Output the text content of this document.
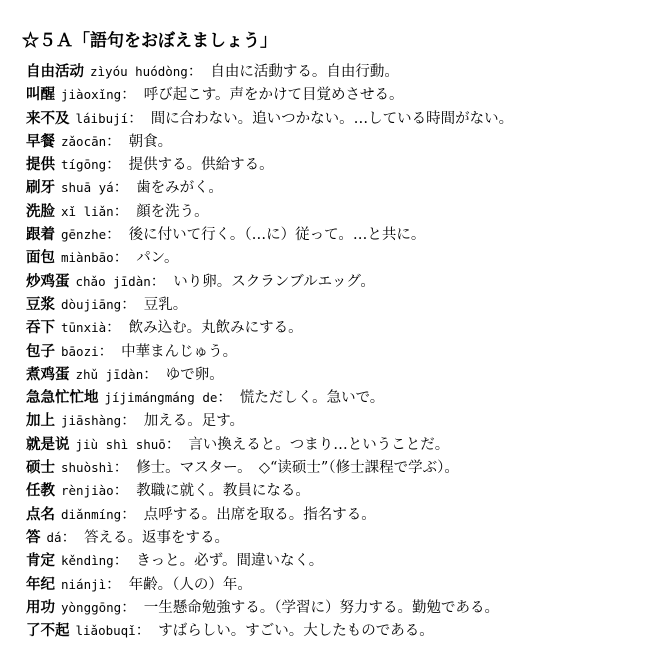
☆５Ａ「語句をおぼえましょう」
自由活动 zìyóu huódòng： 自由に活動する。自由行動。
叫醒 jiàoxǐng： 呼び起こす。声をかけて目覚めさせる。
来不及 láibují： 間に合わない。追いつかない。…している時間がない。
早餐 zǎocān： 朝食。
提供 tígōng： 提供する。供給する。
刷牙 shuā yá： 歯をみがく。
洗脸 xǐ liǎn： 顔を洗う。
跟着 gēnzhe： 後に付いて行く。（…に）従って。…と共に。
面包 miànbāo： パン。
炒鸡蛋 chǎo jīdàn： いり卵。スクランブルエッグ。
豆浆 dòujiāng： 豆乳。
吞下 tūnxià： 飲み込む。丸飲みにする。
包子 bāozi： 中華まんじゅう。
煮鸡蛋 zhǔ jīdàn： ゆで卵。
急急忙忙地 jíjimángmáng de： 慌ただしく。急いで。
加上 jiāshàng： 加える。足す。
就是说 jiù shì shuō： 言い換えると。つまり…ということだ。
硕士 shuòshì： 修士。マスター。　◇“读硕士”（修士課程で学ぶ）。
任教 rènjiào： 教職に就く。教員になる。
点名 diǎnmíng： 点呼する。出席を取る。指名する。
答 dá： 答える。返事をする。
肯定 kěndìng： きっと。必ず。間違いなく。
年纪 niánjì： 年齢。（人の）年。
用功 yònggōng： 一生懸命勉強する。（学習に）努力する。勤勉である。
了不起 liǎobuqǐ： すばらしい。すごい。大したものである。
